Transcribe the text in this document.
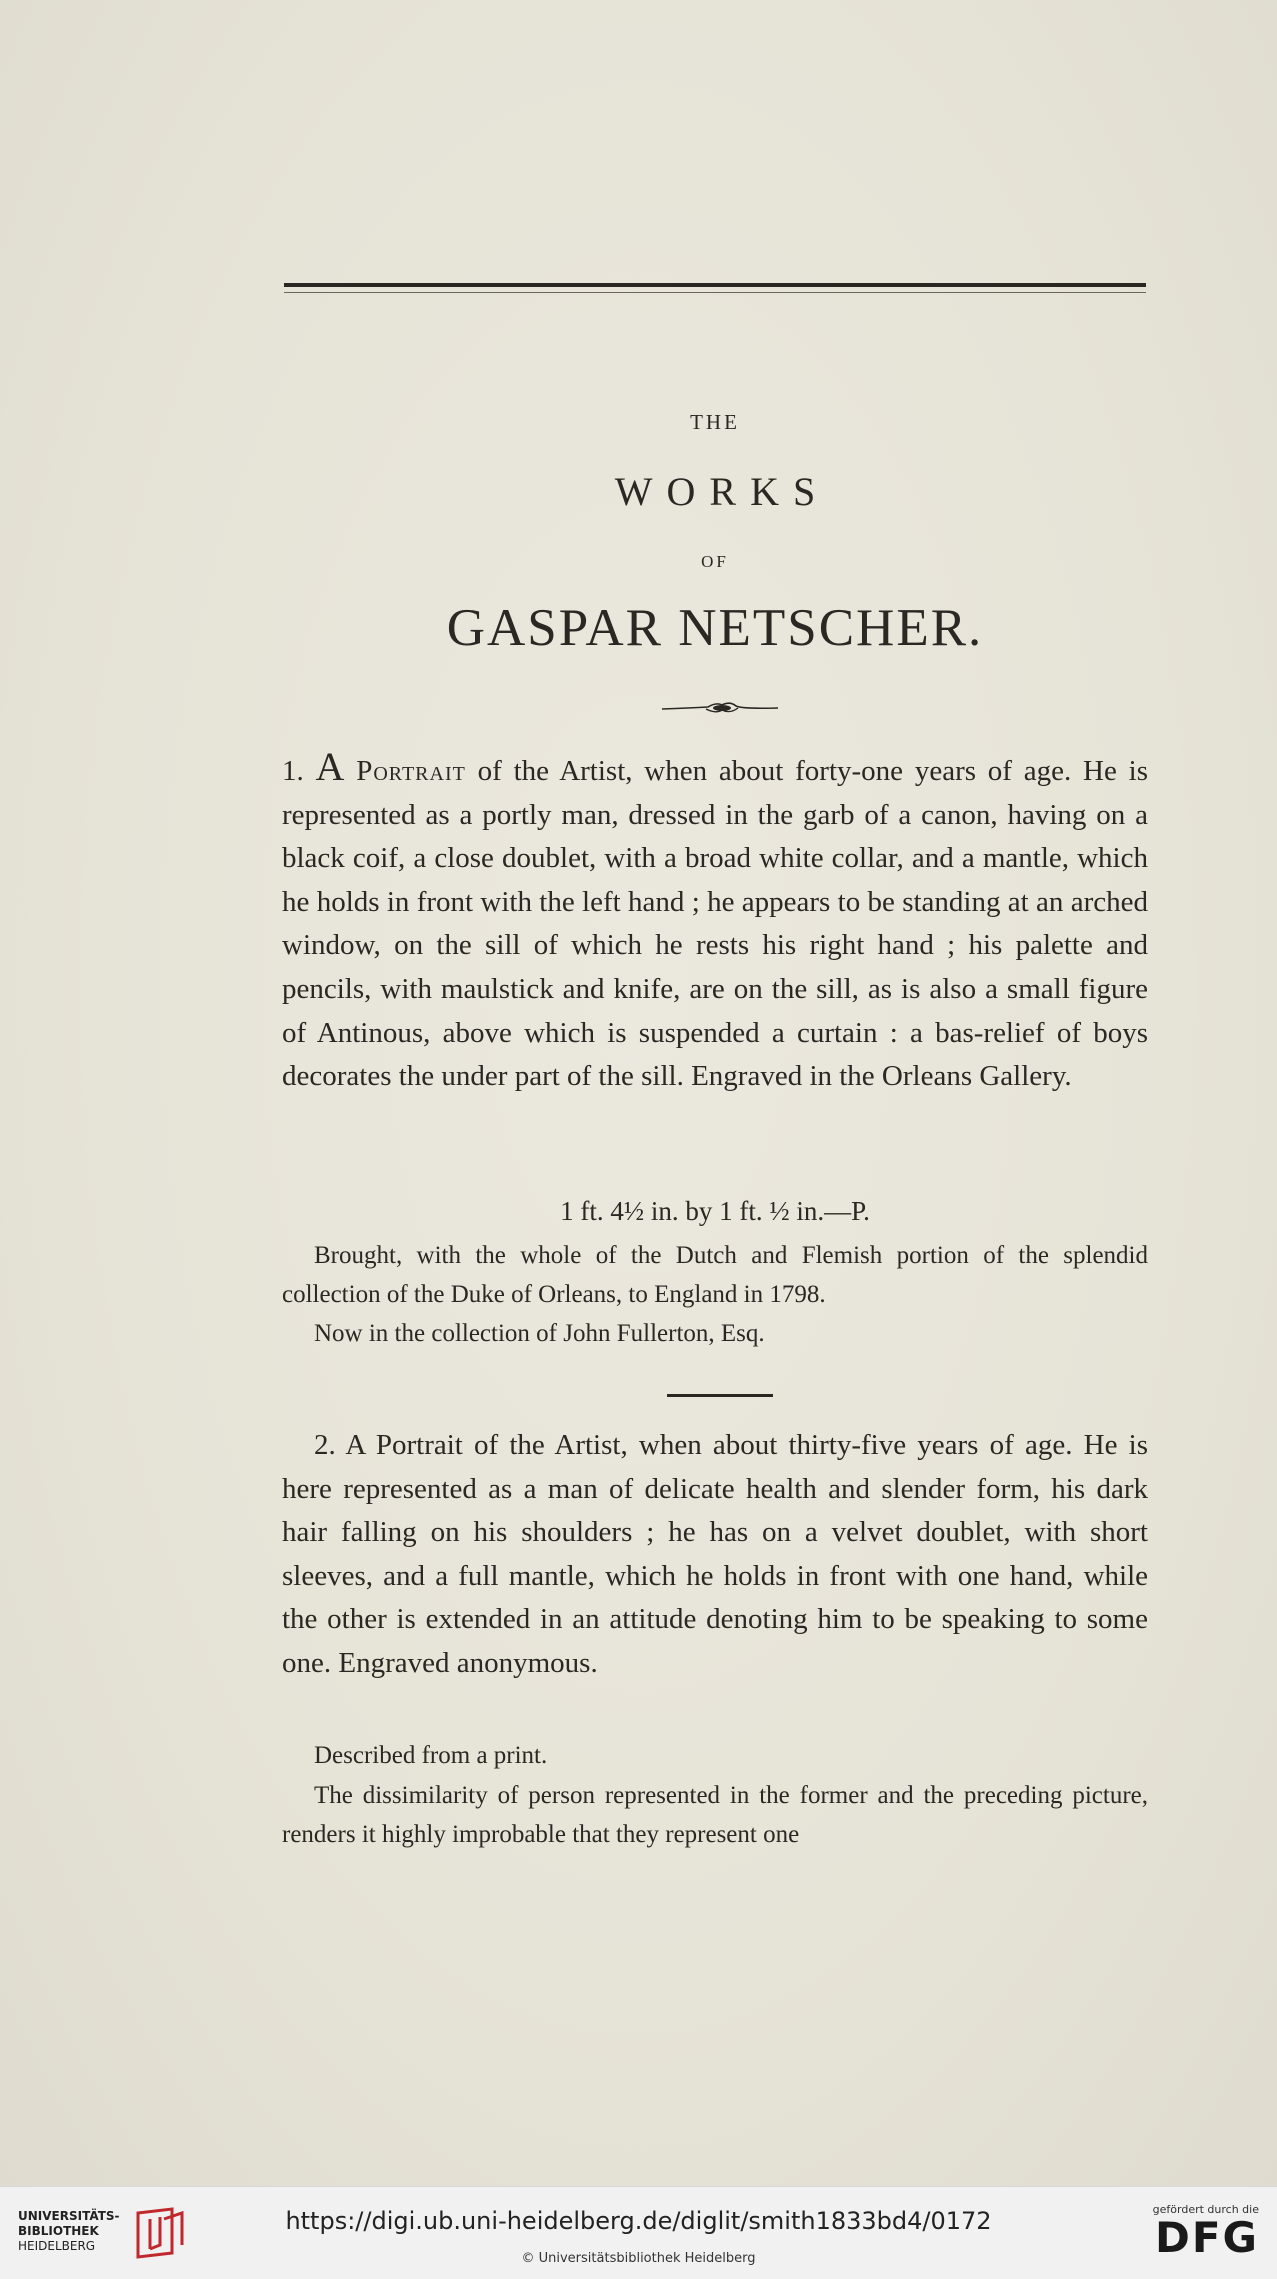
THE
WORKS
OF
GASPAR NETSCHER.
1. A Portrait of the Artist, when about forty-one years of age. He is represented as a portly man, dressed in the garb of a canon, having on a black coif, a close doublet, with a broad white collar, and a mantle, which he holds in front with the left hand ; he appears to be standing at an arched window, on the sill of which he rests his right hand ; his palette and pencils, with maulstick and knife, are on the sill, as is also a small figure of Antinous, above which is suspended a curtain : a bas-relief of boys decorates the under part of the sill. Engraved in the Orleans Gallery.
1 ft. 4½ in. by 1 ft. ½ in.—P.
Brought, with the whole of the Dutch and Flemish portion of the splendid collection of the Duke of Orleans, to England in 1798.
Now in the collection of John Fullerton, Esq.
2. A Portrait of the Artist, when about thirty-five years of age. He is here represented as a man of delicate health and slender form, his dark hair falling on his shoulders ; he has on a velvet doublet, with short sleeves, and a full mantle, which he holds in front with one hand, while the other is extended in an attitude denoting him to be speaking to some one. Engraved anonymous.
Described from a print.
The dissimilarity of person represented in the former and the preceding picture, renders it highly improbable that they represent one
UNIVERSITÄTS-
BIBLIOTHEK
HEIDELBERG
https://digi.ub.uni-heidelberg.de/diglit/smith1833bd4/0172
© Universitätsbibliothek Heidelberg
gefördert durch die
DFG
